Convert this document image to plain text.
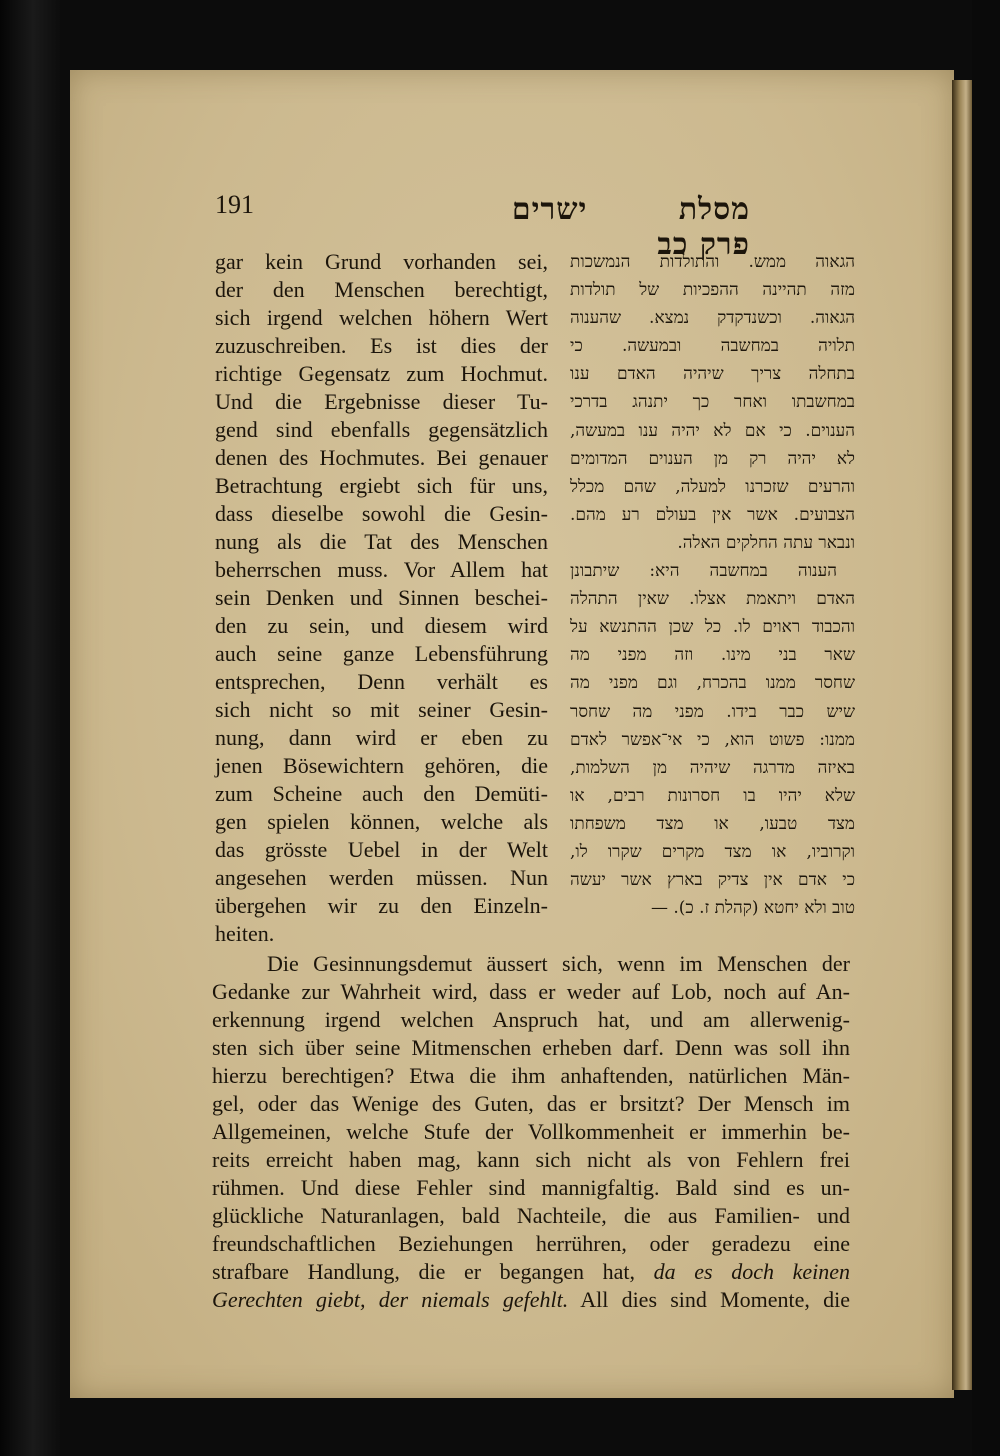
191	מסלת ישרים פרק כב
הגאוה ממש. והתולדות הנמשכות
מזה תהיינה ההפכיות של תולדות
הגאוה. וכשנדקדק נמצא. שהענוה
תלויה במחשבה ובמעשה. כי
בתחלה צריך שיהיה האדם ענו
במחשבתו ואחר כך יתנהג בדרכי
הענוים. כי אם לא יהיה ענו במעשה,
לא יהיה רק מן הענוים המדומים
והרעים שזכרנו למעלה, שהם מכלל
הצבועים. אשר אין בעולם רע מהם.
ונבאר עתה החלקים האלה.
הענוה במחשבה היא: שיתבונן
האדם ויתאמת אצלו. שאין התהלה
והכבוד ראוים לו. כל שכן ההתנשא על
שאר בני מינו. וזה מפני מה
שחסר ממנו בהכרח, וגם מפני מה
שיש כבר בידו. מפני מה שחסר
ממנו: פשוט הוא, כי אי־אפשר לאדם
באיזה מדרגה שיהיה מן השלמות,
שלא יהיו בו חסרונות רבים, או
מצד טבעו, או מצד משפחתו
וקרוביו, או מצד מקרים שקרו לו,
כי אדם אין צדיק בארץ אשר יעשה
טוב ולא יחטא (קהלת ז. כ). —
gar kein Grund vorhanden sei,
der den Menschen berechtigt,
sich irgend welchen höhern Wert
zuzuschreiben. Es ist dies der
richtige Gegensatz zum Hochmut.
Und die Ergebnisse dieser Tu-
gend sind ebenfalls gegensätzlich
denen des Hochmutes. Bei genauer
Betrachtung ergiebt sich für uns,
dass dieselbe sowohl die Gesin-
nung als die Tat des Menschen
beherrschen muss. Vor Allem hat
sein Denken und Sinnen beschei-
den zu sein, und diesem wird
auch seine ganze Lebensführung
entsprechen, Denn verhält es
sich nicht so mit seiner Gesin-
nung, dann wird er eben zu
jenen Bösewichtern gehören, die
zum Scheine auch den Demüti-
gen spielen können, welche als
das grösste Uebel in der Welt
angesehen werden müssen. Nun
übergehen wir zu den Einzeln-
heiten.
Die Gesinnungsdemut äussert sich, wenn im Menschen der
Gedanke zur Wahrheit wird, dass er weder auf Lob, noch auf An-
erkennung irgend welchen Anspruch hat, und am allerwenig-
sten sich über seine Mitmenschen erheben darf. Denn was soll ihn
hierzu berechtigen? Etwa die ihm anhaftenden, natürlichen Män-
gel, oder das Wenige des Guten, das er brsitzt? Der Mensch im
Allgemeinen, welche Stufe der Vollkommenheit er immerhin be-
reits erreicht haben mag, kann sich nicht als von Fehlern frei
rühmen. Und diese Fehler sind mannigfaltig. Bald sind es un-
glückliche Naturanlagen, bald Nachteile, die aus Familien- und
freundschaftlichen Beziehungen herrühren, oder geradezu eine
strafbare Handlung, die er begangen hat, da es doch keinen
Gerechten giebt, der niemals gefehlt. All dies sind Momente, die
